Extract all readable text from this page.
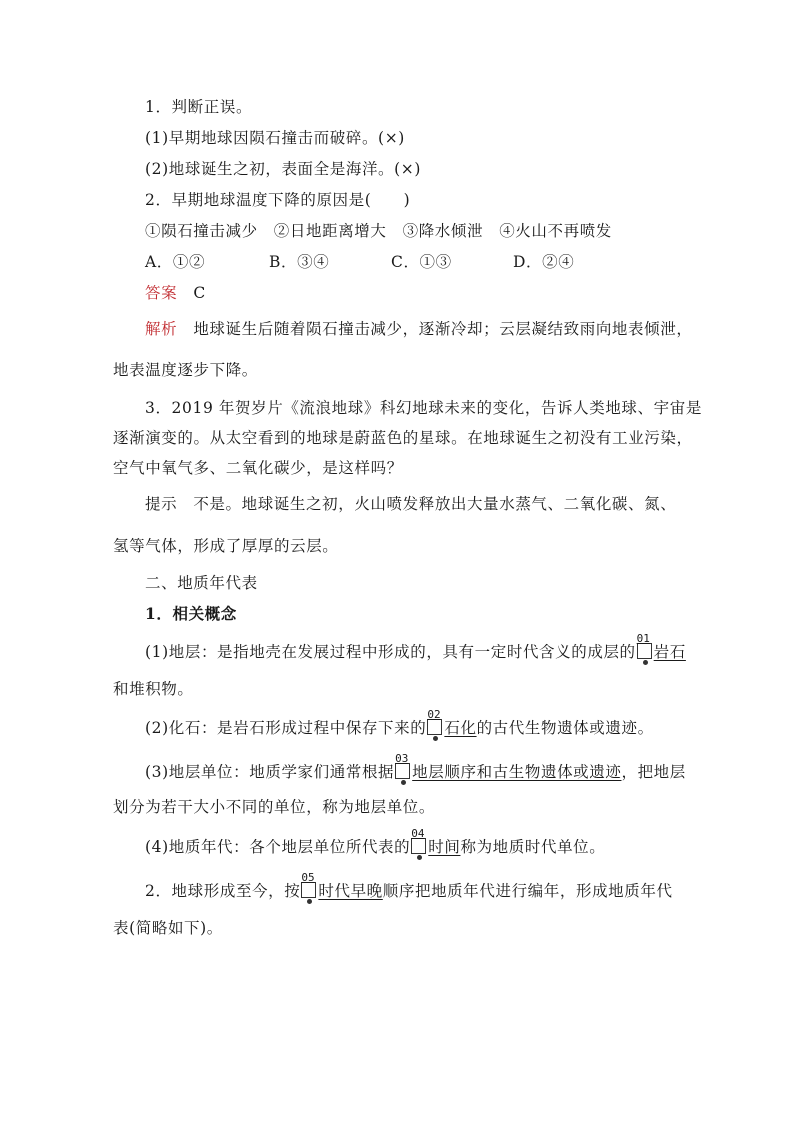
1．判断正误。
(1)早期地球因陨石撞击而破碎。(×)
(2)地球诞生之初，表面全是海洋。(×)
2．早期地球温度下降的原因是(　　)
①陨石撞击减少　②日地距离增大　③降水倾泄　④火山不再喷发
A．①②	B．③④	C．①③	D．②④
答案  C
解析  地球诞生后随着陨石撞击减少，逐渐冷却；云层凝结致雨向地表倾泄，
地表温度逐步下降。
3．2019 年贺岁片《流浪地球》科幻地球未来的变化，告诉人类地球、宇宙是
逐渐演变的。从太空看到的地球是蔚蓝色的星球。在地球诞生之初没有工业污染，
空气中氧气多、二氧化碳少，是这样吗？
提示  不是。地球诞生之初，火山喷发释放出大量水蒸气、二氧化碳、氮、
氢等气体，形成了厚厚的云层。
二、地质年代表
1．相关概念
(1)地层：是指地壳在发展过程中形成的，具有一定时代含义的成层的
01
岩石
和堆积物。
(2)化石：是岩石形成过程中保存下来的
02
石化的古代生物遗体或遗迹。
(3)地层单位：地质学家们通常根据
03
地层顺序和古生物遗体或遗迹，把地层
划分为若干大小不同的单位，称为地层单位。
(4)地质年代：各个地层单位所代表的
04
时间称为地质时代单位。
2．地球形成至今，按
05
时代早晚顺序把地质年代进行编年，形成地质年代
表(简略如下)。
